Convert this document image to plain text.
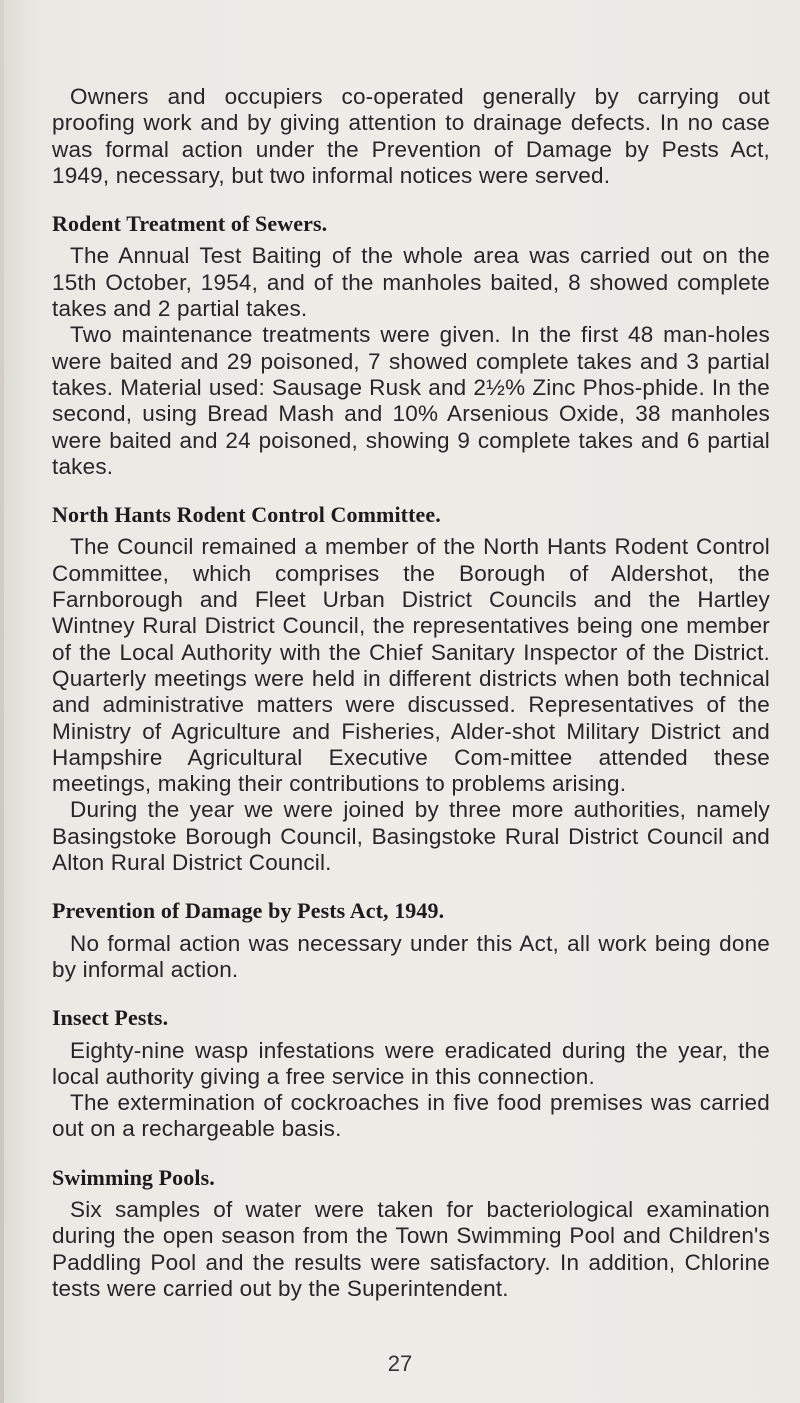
Owners and occupiers co-operated generally by carrying out proofing work and by giving attention to drainage defects. In no case was formal action under the Prevention of Damage by Pests Act, 1949, necessary, but two informal notices were served.

Rodent Treatment of Sewers.

The Annual Test Baiting of the whole area was carried out on the 15th October, 1954, and of the manholes baited, 8 showed complete takes and 2 partial takes.

Two maintenance treatments were given. In the first 48 man-holes were baited and 29 poisoned, 7 showed complete takes and 3 partial takes. Material used: Sausage Rusk and 2½% Zinc Phos-phide. In the second, using Bread Mash and 10% Arsenious Oxide, 38 manholes were baited and 24 poisoned, showing 9 complete takes and 6 partial takes.

North Hants Rodent Control Committee.

The Council remained a member of the North Hants Rodent Control Committee, which comprises the Borough of Aldershot, the Farnborough and Fleet Urban District Councils and the Hartley Wintney Rural District Council, the representatives being one member of the Local Authority with the Chief Sanitary Inspector of the District. Quarterly meetings were held in different districts when both technical and administrative matters were discussed. Representatives of the Ministry of Agriculture and Fisheries, Alder-shot Military District and Hampshire Agricultural Executive Com-mittee attended these meetings, making their contributions to problems arising.

During the year we were joined by three more authorities, namely Basingstoke Borough Council, Basingstoke Rural District Council and Alton Rural District Council.

Prevention of Damage by Pests Act, 1949.

No formal action was necessary under this Act, all work being done by informal action.

Insect Pests.

Eighty-nine wasp infestations were eradicated during the year, the local authority giving a free service in this connection.

The extermination of cockroaches in five food premises was carried out on a rechargeable basis.

Swimming Pools.

Six samples of water were taken for bacteriological examination during the open season from the Town Swimming Pool and Children's Paddling Pool and the results were satisfactory. In addition, Chlorine tests were carried out by the Superintendent.

27
